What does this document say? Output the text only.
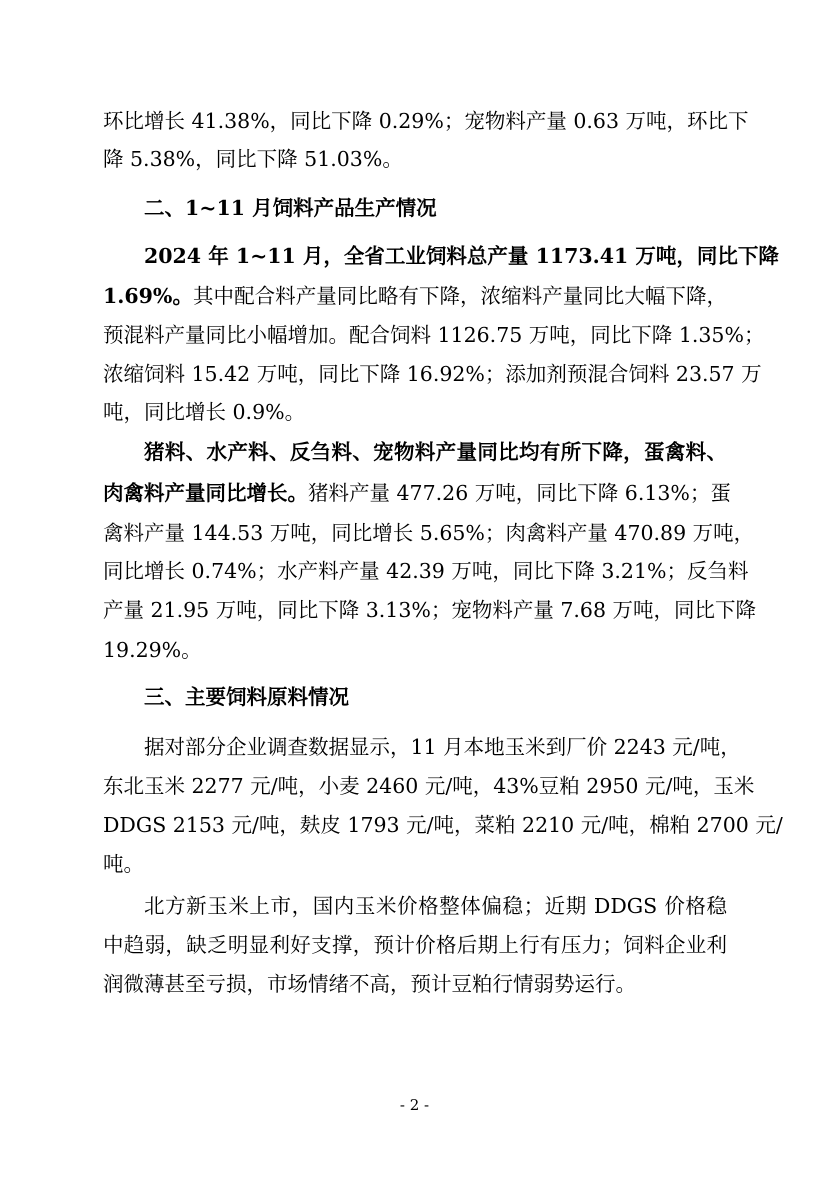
环比增长 41.38%，同比下降 0.29%；宠物料产量 0.63 万吨，环比下
降 5.38%，同比下降 51.03%。
二、1~11 月饲料产品生产情况
2024 年 1~11 月，全省工业饲料总产量 1173.41 万吨，同比下降
1.69%。其中配合料产量同比略有下降，浓缩料产量同比大幅下降，
预混料产量同比小幅增加。配合饲料 1126.75 万吨，同比下降 1.35%；
浓缩饲料 15.42 万吨，同比下降 16.92%；添加剂预混合饲料 23.57 万
吨，同比增长 0.9%。
猪料、水产料、反刍料、宠物料产量同比均有所下降，蛋禽料、
肉禽料产量同比增长。猪料产量 477.26 万吨，同比下降 6.13%；蛋
禽料产量 144.53 万吨，同比增长 5.65%；肉禽料产量 470.89 万吨，
同比增长 0.74%；水产料产量 42.39 万吨，同比下降 3.21%；反刍料
产量 21.95 万吨，同比下降 3.13%；宠物料产量 7.68 万吨，同比下降
19.29%。
三、主要饲料原料情况
据对部分企业调查数据显示，11 月本地玉米到厂价 2243 元/吨，
东北玉米 2277 元/吨，小麦 2460 元/吨，43%豆粕 2950 元/吨，玉米
DDGS 2153 元/吨，麸皮 1793 元/吨，菜粕 2210 元/吨，棉粕 2700 元/
吨。
北方新玉米上市，国内玉米价格整体偏稳；近期 DDGS 价格稳
中趋弱，缺乏明显利好支撑，预计价格后期上行有压力；饲料企业利
润微薄甚至亏损，市场情绪不高，预计豆粕行情弱势运行。
- 2 -
